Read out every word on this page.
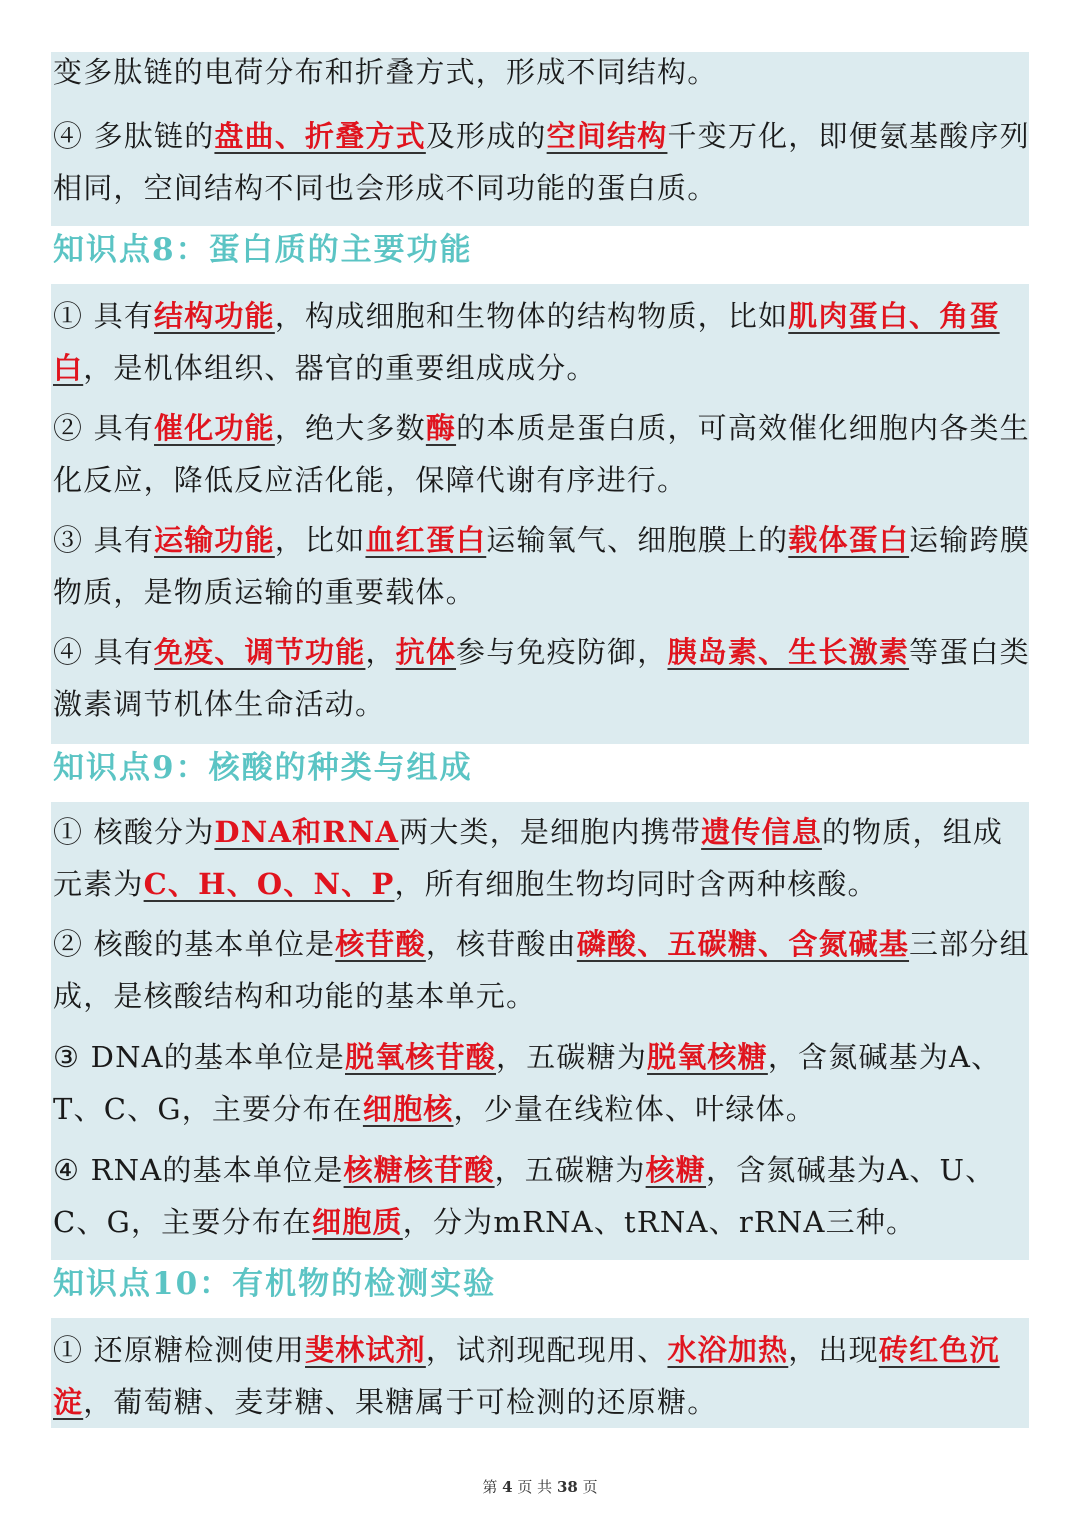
变多肽链的电荷分布和折叠方式，形成不同结构。

④ 多肽链的盘曲、折叠方式及形成的空间结构千变万化，即便氨基酸序列相同，空间结构不同也会形成不同功能的蛋白质。

知识点8：蛋白质的主要功能

① 具有结构功能，构成细胞和生物体的结构物质，比如肌肉蛋白、角蛋白，是机体组织、器官的重要组成成分。

② 具有催化功能，绝大多数酶的本质是蛋白质，可高效催化细胞内各类生化反应，降低反应活化能，保障代谢有序进行。

③ 具有运输功能，比如血红蛋白运输氧气、细胞膜上的载体蛋白运输跨膜物质，是物质运输的重要载体。

④ 具有免疫、调节功能，抗体参与免疫防御，胰岛素、生长激素等蛋白类激素调节机体生命活动。

知识点9：核酸的种类与组成

① 核酸分为DNA和RNA两大类，是细胞内携带遗传信息的物质，组成元素为C、H、O、N、P，所有细胞生物均同时含两种核酸。

② 核酸的基本单位是核苷酸，核苷酸由磷酸、五碳糖、含氮碱基三部分组成，是核酸结构和功能的基本单元。

③ DNA的基本单位是脱氧核苷酸，五碳糖为脱氧核糖，含氮碱基为A、T、C、G，主要分布在细胞核，少量在线粒体、叶绿体。

④ RNA的基本单位是核糖核苷酸，五碳糖为核糖，含氮碱基为A、U、C、G，主要分布在细胞质，分为mRNA、tRNA、rRNA三种。

知识点10：有机物的检测实验

① 还原糖检测使用斐林试剂，试剂现配现用、水浴加热，出现砖红色沉淀，葡萄糖、麦芽糖、果糖属于可检测的还原糖。

第 4 页 共 38 页
